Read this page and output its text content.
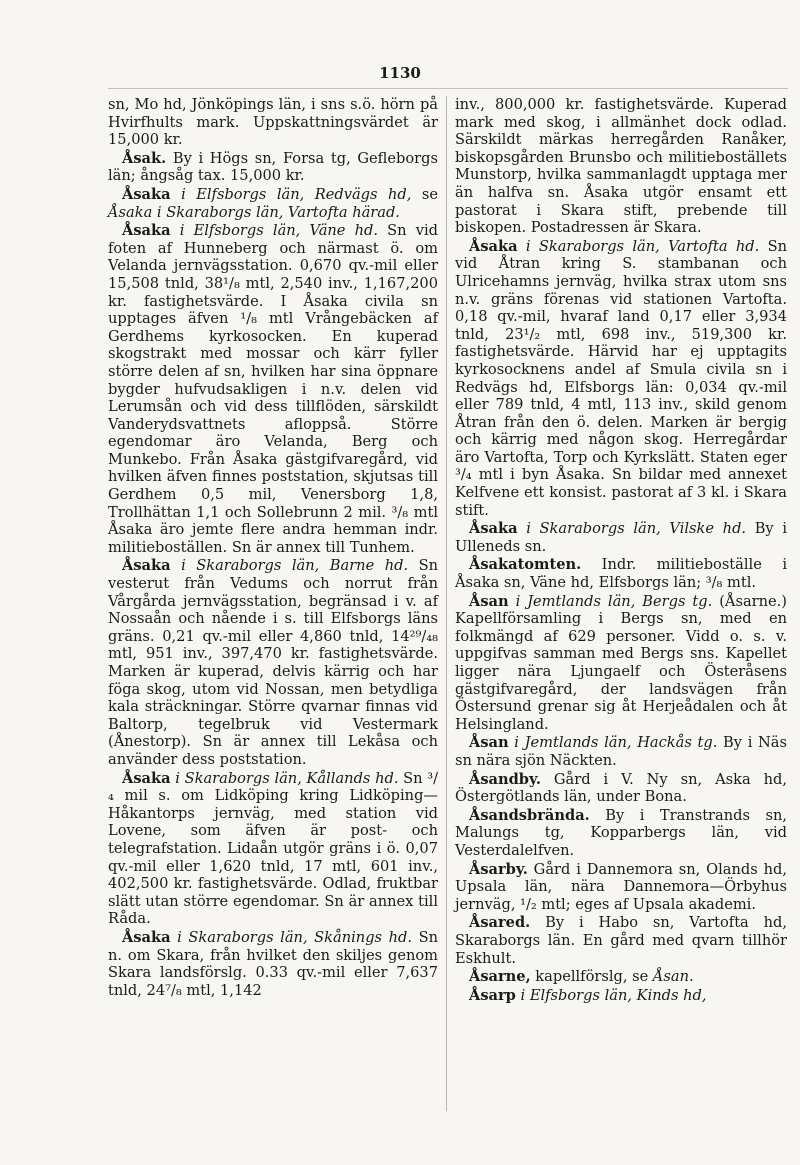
1130

sn, Mo hd, Jönköpings län, i sns s.ö. hörn på Hvirfhults mark. Uppskattningsvärdet är 15,000 kr.

Åsak. By i Högs sn, Forsa tg, Gefleborgs län; ångsåg tax. 15,000 kr.

Åsaka i Elfsborgs län, Redvägs hd, se Åsaka i Skaraborgs län, Vartofta härad.

Åsaka i Elfsborgs län, Väne hd. Sn vid foten af Hunneberg och närmast ö. om Velanda jernvägsstation. 0,670 qv.-mil eller 15,508 tnld, 38¹/₈ mtl, 2,540 inv., 1,167,200 kr. fastighetsvärde. I Åsaka civila sn upptages äfven ¹/₈ mtl Vrångebäcken af Gerdhems kyrkosocken. En kuperad skogstrakt med mossar och kärr fyller större delen af sn, hvilken har sina öppnare bygder hufvudsakligen i n.v. delen vid Lerumsån och vid dess tillflöden, särskildt Vanderydsvattnets afloppså. Större egendomar äro Velanda, Berg och Munkebo. Från Åsaka gästgifvaregård, vid hvilken äfven finnes poststation, skjutsas till Gerdhem 0,5 mil, Venersborg 1,8, Trollhättan 1,1 och Sollebrunn 2 mil. ³/₈ mtl Åsaka äro jemte flere andra hemman indr. militieboställen. Sn är annex till Tunhem.

Åsaka i Skaraborgs län, Barne hd. Sn vesterut från Vedums och norrut från Vårgårda jernvägsstation, begränsad i v. af Nossaån och nående i s. till Elfsborgs läns gräns. 0,21 qv.-mil eller 4,860 tnld, 14²⁹/₄₈ mtl, 951 inv., 397,470 kr. fastighetsvärde. Marken är kuperad, delvis kärrig och har föga skog, utom vid Nossan, men betydliga kala sträckningar. Större qvarnar finnas vid Baltorp, tegelbruk vid Vestermark (Ånestorp). Sn är annex till Lekåsa och använder dess poststation.

Åsaka i Skaraborgs län, Kållands hd. Sn ³/₄ mil s. om Lidköping kring Lidköping—Håkantorps jernväg, med station vid Lovene, som äfven är post- och telegrafstation. Lidaån utgör gräns i ö. 0,07 qv.-mil eller 1,620 tnld, 17 mtl, 601 inv., 402,500 kr. fastighetsvärde. Odlad, fruktbar slätt utan större egendomar. Sn är annex till Råda.

Åsaka i Skaraborgs län, Skånings hd. Sn n. om Skara, från hvilket den skiljes genom Skara landsförslg. 0.33 qv.-mil eller 7,637 tnld, 24⁷/₈ mtl, 1,142

inv., 800,000 kr. fastighetsvärde. Kuperad mark med skog, i allmänhet dock odlad. Särskildt märkas herregården Ranåker, biskopsgården Brunsbo och militieboställets Munstorp, hvilka sammanlagdt upptaga mer än halfva sn. Åsaka utgör ensamt ett pastorat i Skara stift, prebende till biskopen. Postadressen är Skara.

Åsaka i Skaraborgs län, Vartofta hd. Sn vid Åtran kring S. stambanan och Ulricehamns jernväg, hvilka strax utom sns n.v. gräns förenas vid stationen Vartofta. 0,18 qv.-mil, hvaraf land 0,17 eller 3,934 tnld, 23¹/₂ mtl, 698 inv., 519,300 kr. fastighetsvärde. Härvid har ej upptagits kyrkosocknens andel af Smula civila sn i Redvägs hd, Elfsborgs län: 0,034 qv.-mil eller 789 tnld, 4 mtl, 113 inv., skild genom Åtran från den ö. delen. Marken är bergig och kärrig med någon skog. Herregårdar äro Vartofta, Torp och Kyrkslätt. Staten eger ³/₄ mtl i byn Åsaka. Sn bildar med annexet Kelfvene ett konsist. pastorat af 3 kl. i Skara stift.

Åsaka i Skaraborgs län, Vilske hd. By i Ulleneds sn.

Åsakatomten. Indr. militieboställe i Åsaka sn, Väne hd, Elfsborgs län; ³/₈ mtl.

Åsan i Jemtlands län, Bergs tg. (Åsarne.) Kapellförsamling i Bergs sn, med en folkmängd af 629 personer. Vidd o. s. v. uppgifvas samman med Bergs sns. Kapellet ligger nära Ljungaelf och Österåsens gästgifvaregård, der landsvägen från Östersund grenar sig åt Herjeådalen och åt Helsingland.

Åsan i Jemtlands län, Hackås tg. By i Näs sn nära sjön Näckten.

Åsandby. Gård i V. Ny sn, Aska hd, Östergötlands län, under Bona.

Åsandsbrända. By i Transtrands sn, Malungs tg, Kopparbergs län, vid Vesterdalelfven.

Åsarby. Gård i Dannemora sn, Olands hd, Upsala län, nära Dannemora—Örbyhus jernväg, ¹/₂ mtl; eges af Upsala akademi.

Åsared. By i Habo sn, Vartofta hd, Skaraborgs län. En gård med qvarn tillhör Eskhult.

Åsarne, kapellförslg, se Åsan.

Åsarp i Elfsborgs län, Kinds hd,
